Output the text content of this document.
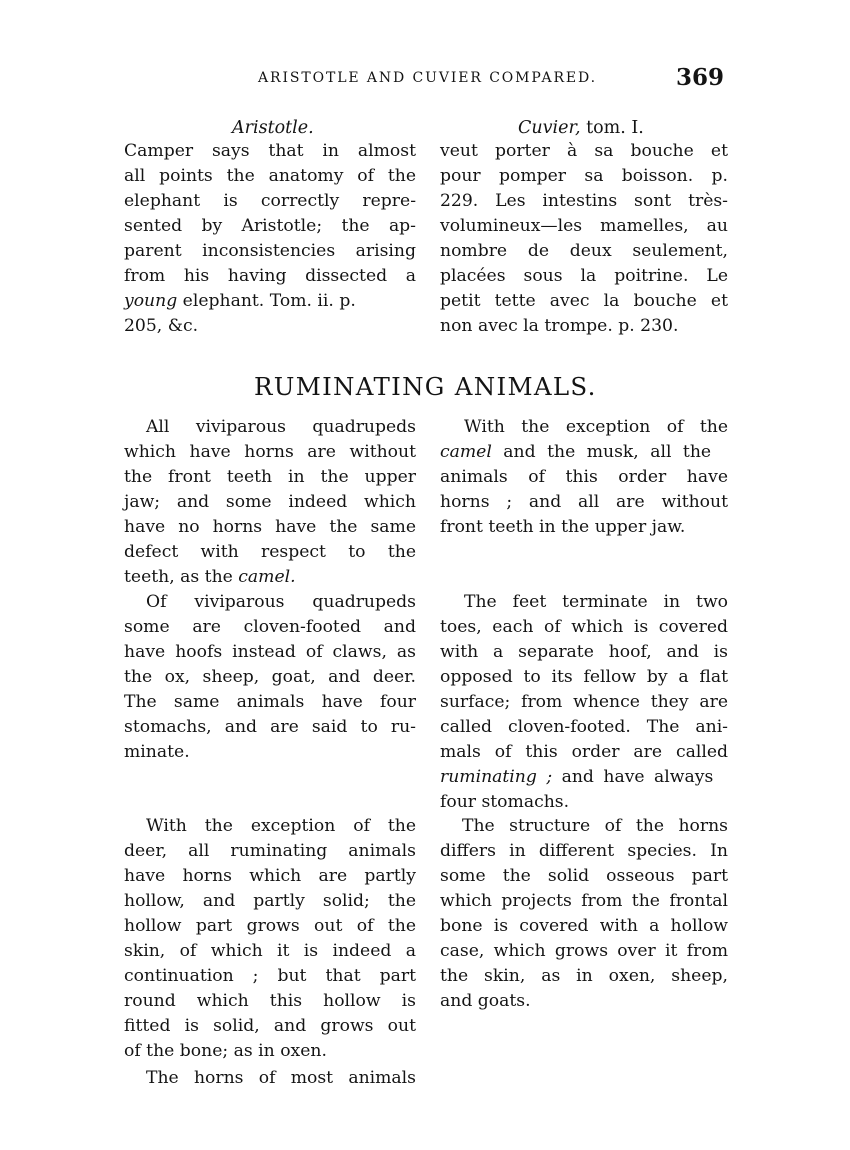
ARISTOTLE AND CUVIER COMPARED.	369
Aristotle.	Cuvier, tom. I.
Camper says that in almost
all points the anatomy of the
elephant is correctly repre-
sented by Aristotle; the ap-
parent inconsistencies arising
from his having dissected a
young elephant. Tom. ii. p.
205, &c.
veut porter à sa bouche et
pour pomper sa boisson. p.
229. Les intestins sont très-
volumineux—les mamelles, au
nombre de deux seulement,
placées sous la poitrine. Le
petit tette avec la bouche et
non avec la trompe. p. 230.
RUMINATING ANIMALS.
All viviparous quadrupeds
which have horns are without
the front teeth in the upper
jaw; and some indeed which
have no horns have the same
defect with respect to the
teeth, as the camel.
Of viviparous quadrupeds
some are cloven-footed and
have hoofs instead of claws, as
the ox, sheep, goat, and deer.
The same animals have four
stomachs, and are said to ru-
minate.
With the exception of the
deer, all ruminating animals
have horns which are partly
hollow, and partly solid; the
hollow part grows out of the
skin, of which it is indeed a
continuation ; but that part
round which this hollow is
fitted is solid, and grows out
of the bone; as in oxen.
The horns of most animals
With the exception of the
camel and the musk, all the
animals of this order have
horns ; and all are without
front teeth in the upper jaw.
The feet terminate in two
toes, each of which is covered
with a separate hoof, and is
opposed to its fellow by a flat
surface; from whence they are
called cloven-footed. The ani-
mals of this order are called
ruminating ; and have always
four stomachs.
The structure of the horns
differs in different species. In
some the solid osseous part
which projects from the frontal
bone is covered with a hollow
case, which grows over it from
the skin, as in oxen, sheep,
and goats.
